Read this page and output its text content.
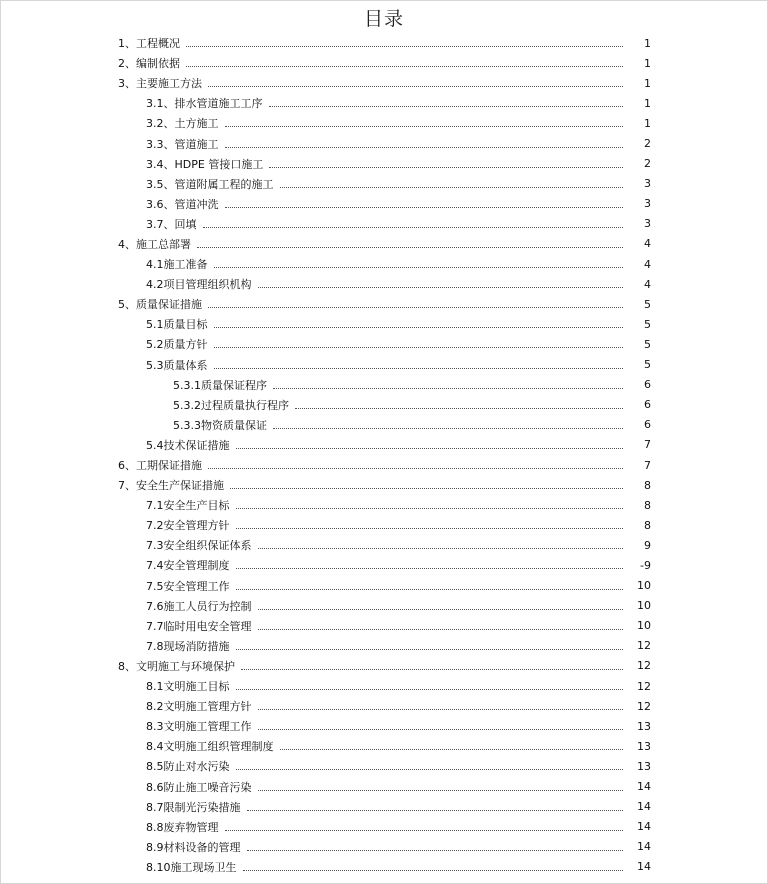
目录
1、工程概况	1
2、编制依据	1
3、主要施工方法	1
3.1、排水管道施工工序	1
3.2、土方施工	1
3.3、管道施工	2
3.4、HDPE 管接口施工	2
3.5、管道附属工程的施工	3
3.6、管道冲洗	3
3.7、回填	3
4、施工总部署	4
4.1施工准备	4
4.2项目管理组织机构	4
5、质量保证措施	5
5.1质量目标	5
5.2质量方针	5
5.3质量体系	5
5.3.1质量保证程序	6
5.3.2过程质量执行程序	6
5.3.3物资质量保证	6
5.4技术保证措施	7
6、工期保证措施	7
7、安全生产保证措施	8
7.1安全生产目标	8
7.2安全管理方针	8
7.3安全组织保证体系	9
7.4安全管理制度	-9
7.5安全管理工作	10
7.6施工人员行为控制	10
7.7临时用电安全管理	10
7.8现场消防措施	12
8、文明施工与环境保护	12
8.1文明施工目标	12
8.2文明施工管理方针	12
8.3文明施工管理工作	13
8.4文明施工组织管理制度	13
8.5防止对水污染	13
8.6防止施工噪音污染	14
8.7限制光污染措施	14
8.8废弃物管理	14
8.9材料设备的管理	14
8.10施工现场卫生	14
